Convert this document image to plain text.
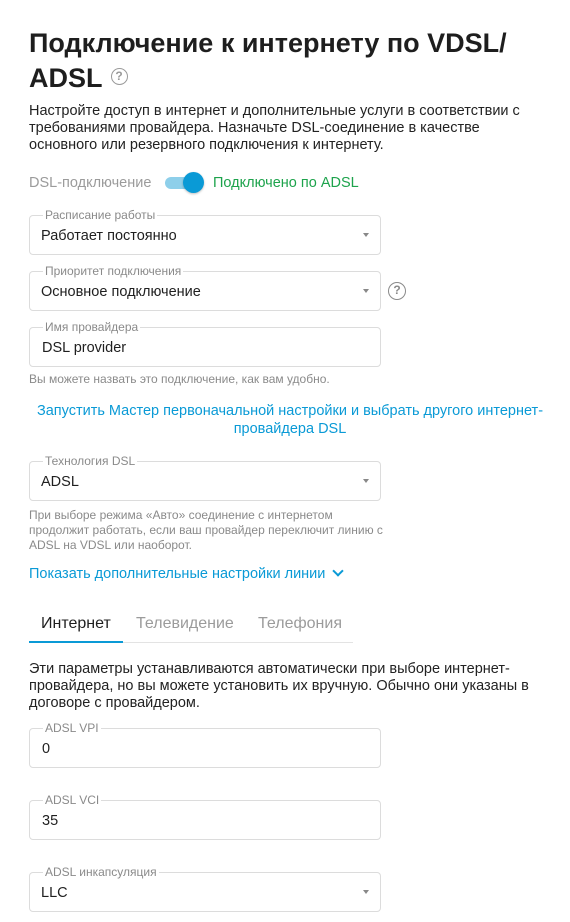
Подключение к интернету по VDSL/ ADSL ?
Настройте доступ в интернет и дополнительные услуги в соответствии с требованиями провайдера. Назначьте DSL-соединение в качестве основного или резервного подключения к интернету.
DSL-подключение	Подключено по ADSL
Расписание работы
Работает постоянно
Приоритет подключения
Основное подключение	?
Имя провайдера
DSL provider
Вы можете назвать это подключение, как вам удобно.
Запустить Мастер первоначальной настройки и выбрать другого интернет-провайдера DSL
Технология DSL
ADSL
При выборе режима «Авто» соединение с интернетом продолжит работать, если ваш провайдер переключит линию с ADSL на VDSL или наоборот.
Показать дополнительные настройки линии
Интернет Телевидение Телефония
Эти параметры устанавливаются автоматически при выборе интернет-провайдера, но вы можете установить их вручную. Обычно они указаны в договоре с провайдером.
ADSL VPI
0
ADSL VCI
35
ADSL инкапсуляция
LLC
